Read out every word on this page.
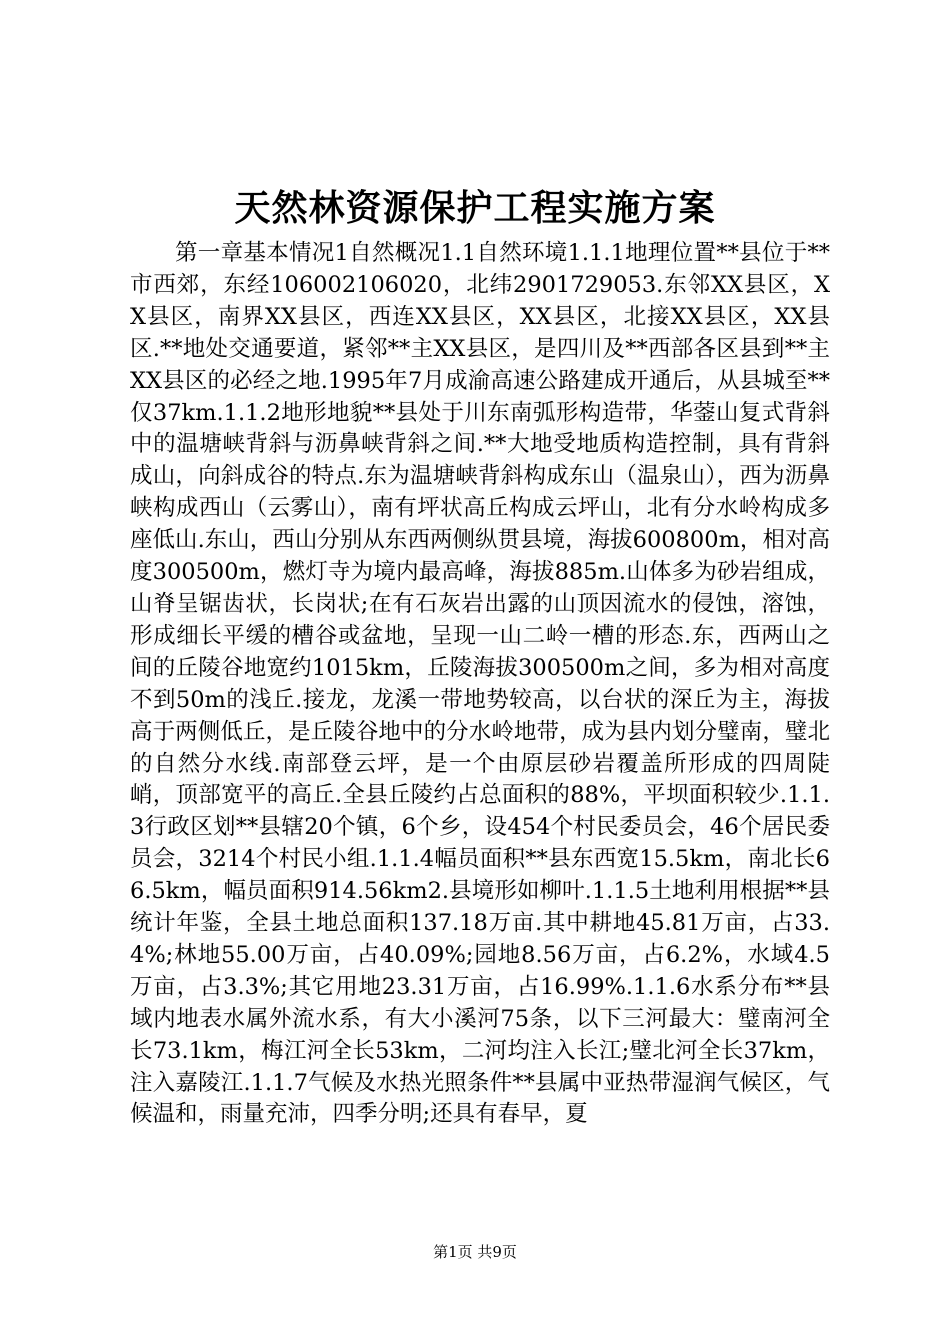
天然林资源保护工程实施方案
第一章基本情况1自然概况1.1自然环境1.1.1地理位置**县位于**市西郊，东经106002106020，北纬2901729053.东邻XX县区，XX县区，南界XX县区，西连XX县区，XX县区，北接XX县区，XX县区.**地处交通要道，紧邻**主XX县区，是四川及**西部各区县到**主XX县区的必经之地.1995年7月成渝高速公路建成开通后，从县城至**仅37km.1.1.2地形地貌**县处于川东南弧形构造带，华蓥山复式背斜中的温塘峡背斜与沥鼻峡背斜之间.**大地受地质构造控制，具有背斜成山，向斜成谷的特点.东为温塘峡背斜构成东山（温泉山），西为沥鼻峡构成西山（云雾山），南有坪状高丘构成云坪山，北有分水岭构成多座低山.东山，西山分别从东西两侧纵贯县境，海拔600800m，相对高度300500m，燃灯寺为境内最高峰，海拔885m.山体多为砂岩组成，山脊呈锯齿状，长岗状;在有石灰岩出露的山顶因流水的侵蚀，溶蚀，形成细长平缓的槽谷或盆地，呈现一山二岭一槽的形态.东，西两山之间的丘陵谷地宽约1015km，丘陵海拔300500m之间，多为相对高度不到50m的浅丘.接龙，龙溪一带地势较高，以台状的深丘为主，海拔高于两侧低丘，是丘陵谷地中的分水岭地带，成为县内划分璧南，璧北的自然分水线.南部登云坪，是一个由原层砂岩覆盖所形成的四周陡峭，顶部宽平的高丘.全县丘陵约占总面积的88%，平坝面积较少.1.1.3行政区划**县辖20个镇，6个乡，设454个村民委员会，46个居民委员会，3214个村民小组.1.1.4幅员面积**县东西宽15.5km，南北长66.5km，幅员面积914.56km2.县境形如柳叶.1.1.5土地利用根据**县统计年鉴，全县土地总面积137.18万亩.其中耕地45.81万亩，占33.4%;林地55.00万亩，占40.09%;园地8.56万亩，占6.2%，水域4.5万亩，占3.3%;其它用地23.31万亩，占16.99%.1.1.6水系分布**县域内地表水属外流水系，有大小溪河75条，以下三河最大：璧南河全长73.1km，梅江河全长53km，二河均注入长江;璧北河全长37km，注入嘉陵江.1.1.7气候及水热光照条件**县属中亚热带湿润气候区，气候温和，雨量充沛，四季分明;还具有春早，夏
第1页 共9页
